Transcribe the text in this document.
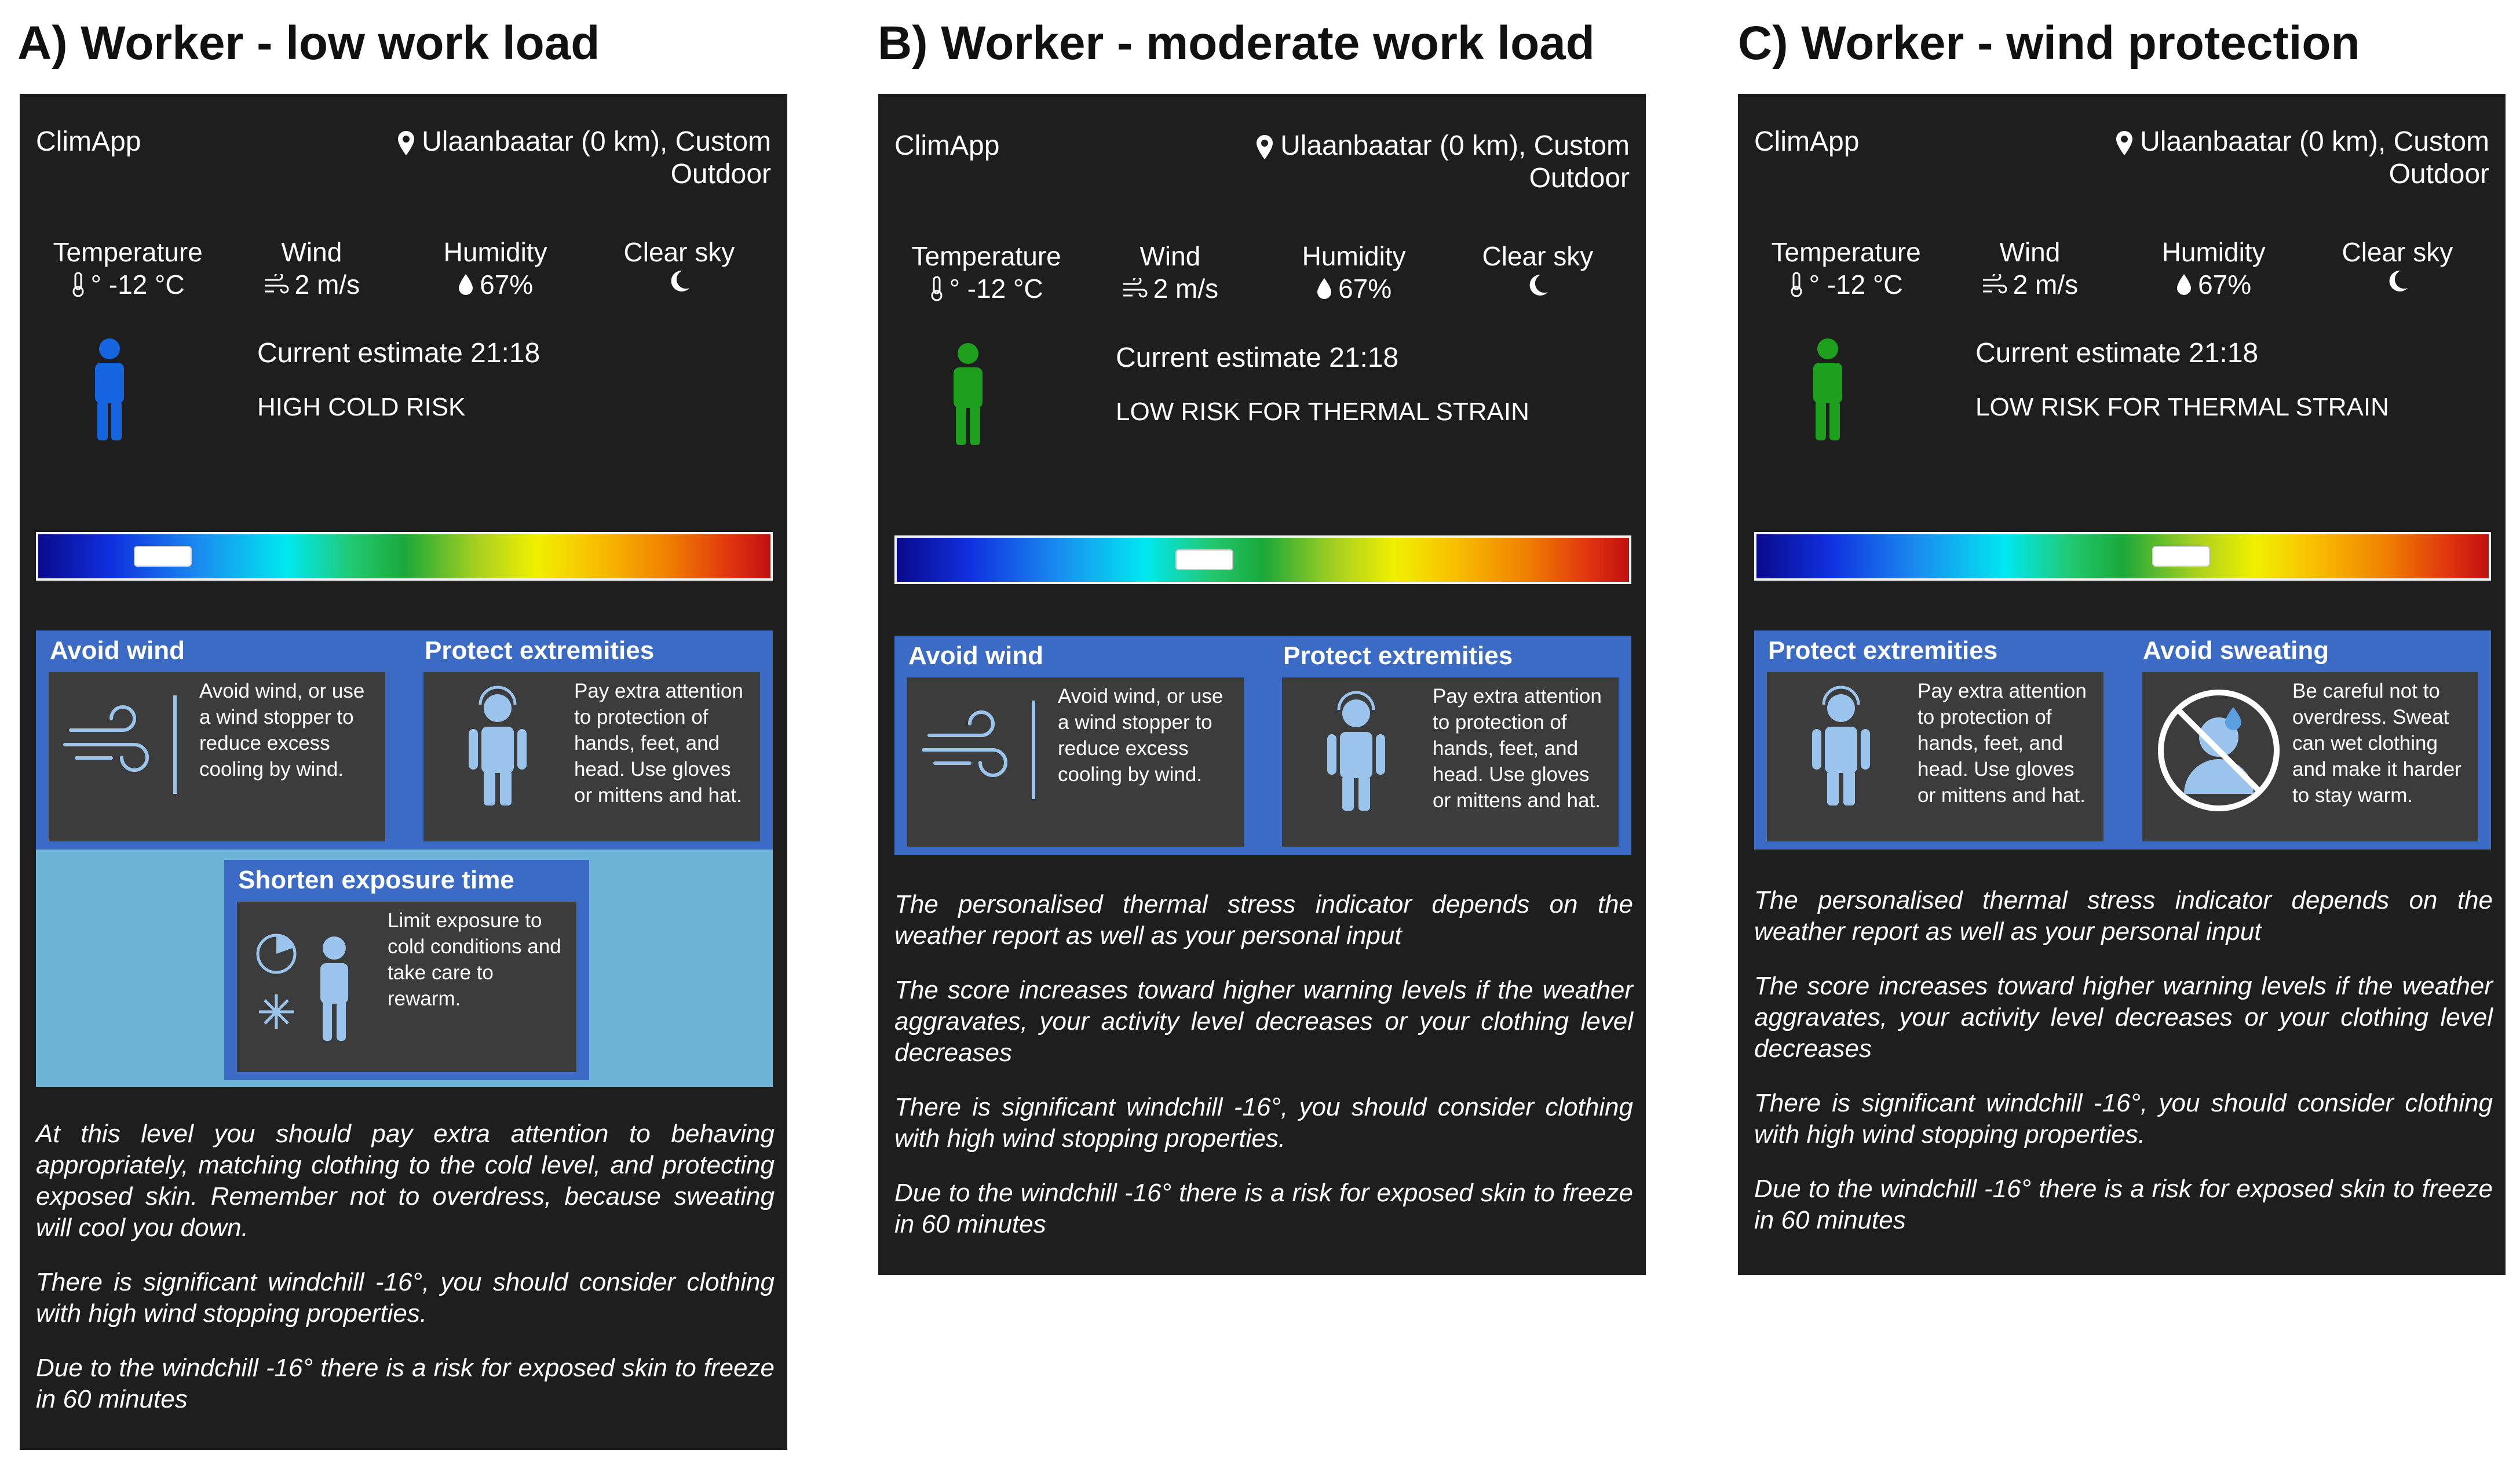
A) Worker - low work load
ClimApp	Ulaanbaatar (0 km), Custom
Outdoor
Temperature
° -12 °C
Wind
2 m/s
Humidity
67%
Clear sky
Current estimate 21:18
HIGH COLD RISK
Avoid wind
Avoid wind, or use a wind stopper to reduce excess cooling by wind.
Protect extremities
Pay extra attention to protection of hands, feet, and head. Use gloves or mittens and hat.
Shorten exposure time
Limit exposure to cold conditions and take care to rewarm.

At this level you should pay extra attention to behaving appropriately, matching clothing to the cold level, and protecting exposed skin. Remember not to overdress, because sweating will cool you down.

There is significant windchill -16°, you should consider clothing with high wind stopping properties.

Due to the windchill -16° there is a risk for exposed skin to freeze in 60 minutes

B) Worker - moderate work load
ClimApp	Ulaanbaatar (0 km), Custom
Outdoor
Temperature
° -12 °C
Wind
2 m/s
Humidity
67%
Clear sky
Current estimate 21:18
LOW RISK FOR THERMAL STRAIN
Avoid wind
Avoid wind, or use a wind stopper to reduce excess cooling by wind.
Protect extremities
Pay extra attention to protection of hands, feet, and head. Use gloves or mittens and hat.

The personalised thermal stress indicator depends on the weather report as well as your personal input

The score increases toward higher warning levels if the weather aggravates, your activity level decreases or your clothing level decreases

There is significant windchill -16°, you should consider clothing with high wind stopping properties.

Due to the windchill -16° there is a risk for exposed skin to freeze in 60 minutes

C) Worker - wind protection
ClimApp	Ulaanbaatar (0 km), Custom
Outdoor
Temperature
° -12 °C
Wind
2 m/s
Humidity
67%
Clear sky
Current estimate 21:18
LOW RISK FOR THERMAL STRAIN
Protect extremities
Pay extra attention to protection of hands, feet, and head. Use gloves or mittens and hat.
Avoid sweating
Be careful not to overdress. Sweat can wet clothing and make it harder to stay warm.

The personalised thermal stress indicator depends on the weather report as well as your personal input

The score increases toward higher warning levels if the weather aggravates, your activity level decreases or your clothing level decreases

There is significant windchill -16°, you should consider clothing with high wind stopping properties.

Due to the windchill -16° there is a risk for exposed skin to freeze in 60 minutes
